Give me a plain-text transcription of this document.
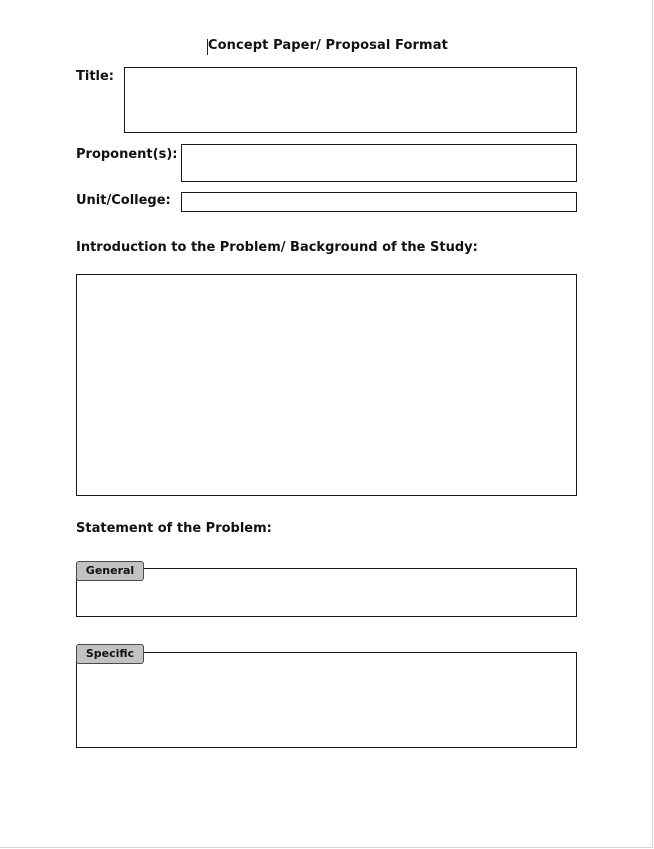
Concept Paper/ Proposal Format
Title:
Proponent(s):
Unit/College:
Introduction to the Problem/ Background of the Study:
Statement of the Problem:
General
Specific
